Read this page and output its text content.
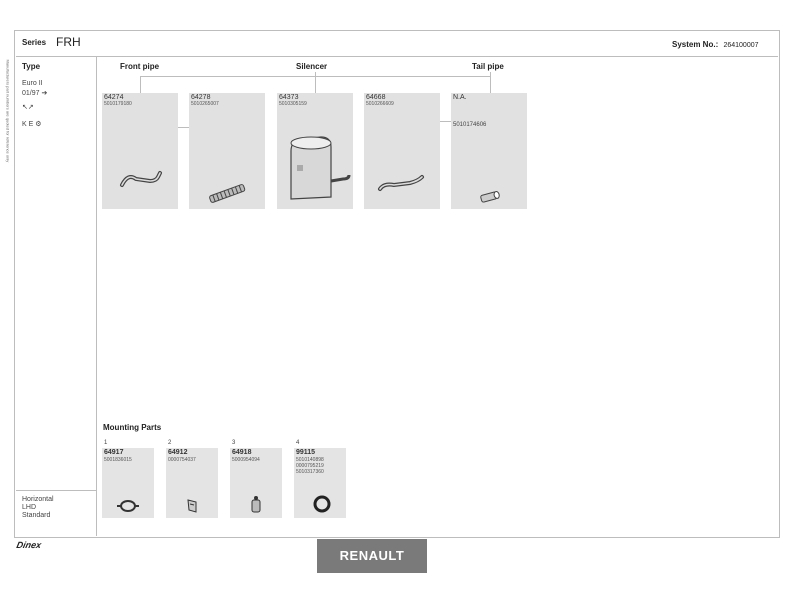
Series FRH	System No.: 264100007
Manufacturers part numbers are quoted for reference only Type
Euro II
01/97 ➔
↖↗
K E ⚙
Front pipe	Silencer	Tail pipe
64274
5010179180
64278
5010265007
64373
5010305159
64668
5010266609
N.A.
5010174606
Mounting Parts
1
64917
5001836015
2
64912
0000754037
3
64918
5000954094
4
99115
5010140898
0000795219
5010317360
Horizontal
LHD
Standard
Dinex
RENAULT
